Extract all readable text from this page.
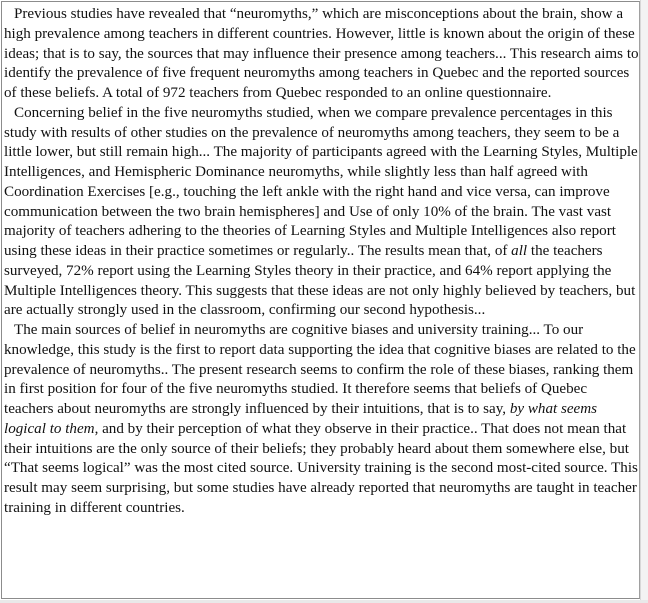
Previous studies have revealed that “neuromyths,” which are misconceptions about the brain, show a high prevalence among teachers in different countries. However, little is known about the origin of these ideas; that is to say, the sources that may influence their presence among teachers... This research aims to identify the prevalence of five frequent neuromyths among teachers in Quebec and the reported sources of these beliefs. A total of 972 teachers from Quebec responded to an online questionnaire.

Concerning belief in the five neuromyths studied, when we compare prevalence percentages in this study with results of other studies on the prevalence of neuromyths among teachers, they seem to be a little lower, but still remain high... The majority of participants agreed with the Learning Styles, Multiple Intelligences, and Hemispheric Dominance neuromyths, while slightly less than half agreed with Coordination Exercises [e.g., touching the left ankle with the right hand and vice versa, can improve communication between the two brain hemispheres] and Use of only 10% of the brain. The vast vast majority of teachers adhering to the theories of Learning Styles and Multiple Intelligences also report using these ideas in their practice sometimes or regularly.. The results mean that, of all the teachers surveyed, 72% report using the Learning Styles theory in their practice, and 64% report applying the Multiple Intelligences theory. This suggests that these ideas are not only highly believed by teachers, but are actually strongly used in the classroom, confirming our second hypothesis...

The main sources of belief in neuromyths are cognitive biases and university training... To our knowledge, this study is the first to report data supporting the idea that cognitive biases are related to the prevalence of neuromyths.. The present research seems to confirm the role of these biases, ranking them in first position for four of the five neuromyths studied. It therefore seems that beliefs of Quebec teachers about neuromyths are strongly influenced by their intuitions, that is to say, by what seems logical to them, and by their perception of what they observe in their practice.. That does not mean that their intuitions are the only source of their beliefs; they probably heard about them somewhere else, but “That seems logical” was the most cited source. University training is the second most-cited source. This result may seem surprising, but some studies have already reported that neuromyths are taught in teacher training in different countries.
